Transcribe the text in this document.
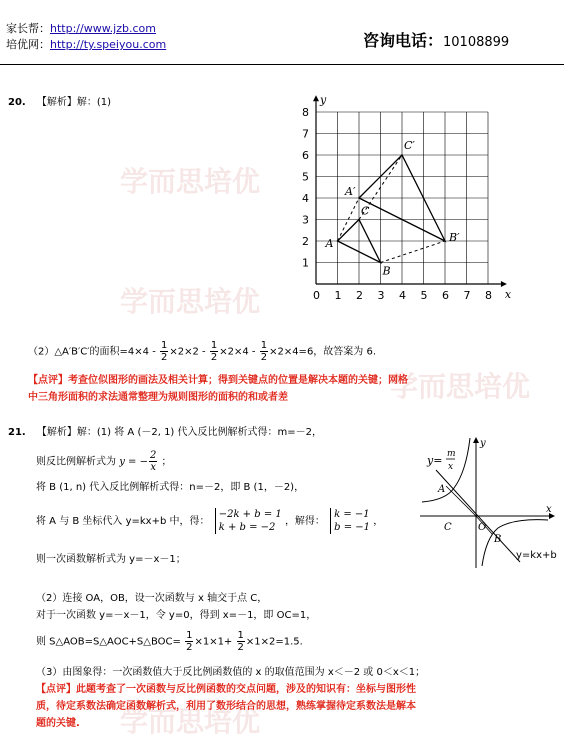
家长帮：http://www.jzb.com
培优网：http://ty.speiyou.com	咨询电话：10108899
学而思培优
学而思培优
学而思培优
学而思培优
20. 【解析】解：(1)
0 1 2 3 4 5 6 7 8
1
2
3
4
5
6
7
8
x
y
A
B
C
A′
B′
C′
（2）△A′B′C′的面积$=4\times 4 - \frac{1}{2} \times 2\times 2 - \frac{1}{2} \times 2\times 4 - \frac{1}{2} \times 2\times 4=6$，故答案为 6.
【点评】考查位似图形的画法及相关计算；得到关键点的位置是解决本题的关键；网格
中三角形面积的求法通常整理为规则图形的面积的和或者差
21. 【解析】解：(1) 将 A (－2, 1) 代入反比例解析式得：m=－2，
则反比例解析式为 y = − $\frac{2}{x}$ ；
将 B (1, n) 代入反比例解析式得：n=－2，即 B (1，－2)，
将 A 与 B 坐标代入 y=kx+b 中，得：
−2k + b = 1
k + b = −2
，解得：
k = −1
b = −1
，
则一次函数解析式为 y=－x－1；
（2）连接 OA，OB，设一次函数与 x 轴交于点 C，
对于一次函数 y=－x－1，令 y=0，得到 x=－1，即 OC=1，
则 S△AOB=S△AOC+S△BOC= $\frac{1}{2} \times 1\times 1+ \frac{1}{2} \times 1\times 2=1.5$.
（3）由图象得：一次函数值大于反比例函数值的 x 的取值范围为 x＜－2 或 0＜x＜1；
【点评】此题考查了一次函数与反比例函数的交点问题，涉及的知识有：坐标与图形性
质，待定系数法确定函数解析式，利用了数形结合的思想，熟练掌握待定系数法是解本
题的关键.
x
y
y= m
x
A
C	O
B
y=kx+b
